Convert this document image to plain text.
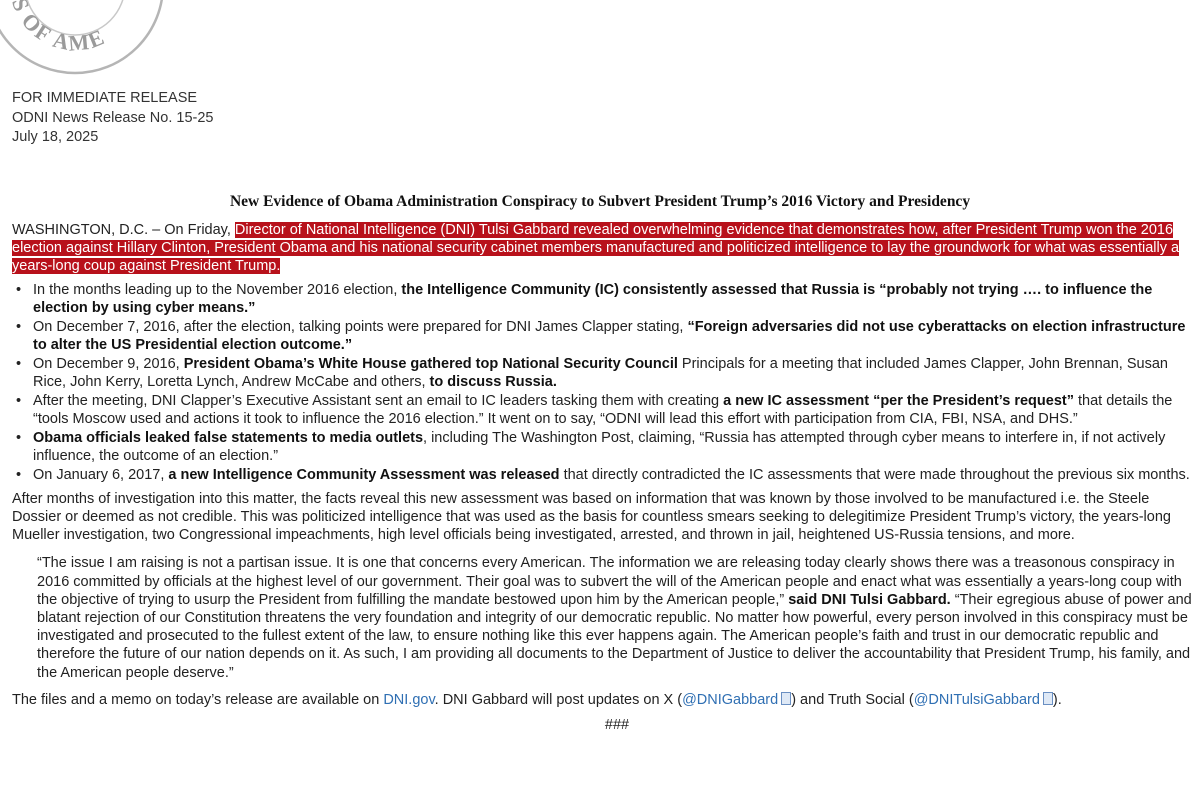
S OF AME
FOR IMMEDIATE RELEASE
ODNI News Release No. 15-25
July 18, 2025
New Evidence of Obama Administration Conspiracy to Subvert President Trump’s 2016 Victory and Presidency
WASHINGTON, D.C. – On Friday, Director of National Intelligence (DNI) Tulsi Gabbard revealed overwhelming evidence that demonstrates how, after President Trump won the 2016 election against Hillary Clinton, President Obama and his national security cabinet members manufactured and politicized intelligence to lay the groundwork for what was essentially a years-long coup against President Trump.
• In the months leading up to the November 2016 election, the Intelligence Community (IC) consistently assessed that Russia is “probably not trying …. to influence the election by using cyber means.”
• On December 7, 2016, after the election, talking points were prepared for DNI James Clapper stating, “Foreign adversaries did not use cyberattacks on election infrastructure to alter the US Presidential election outcome.”
• On December 9, 2016, President Obama’s White House gathered top National Security Council Principals for a meeting that included James Clapper, John Brennan, Susan Rice, John Kerry, Loretta Lynch, Andrew McCabe and others, to discuss Russia.
• After the meeting, DNI Clapper’s Executive Assistant sent an email to IC leaders tasking them with creating a new IC assessment “per the President’s request” that details the “tools Moscow used and actions it took to influence the 2016 election.” It went on to say, “ODNI will lead this effort with participation from CIA, FBI, NSA, and DHS.”
• Obama officials leaked false statements to media outlets, including The Washington Post, claiming, “Russia has attempted through cyber means to interfere in, if not actively influence, the outcome of an election.”
• On January 6, 2017, a new Intelligence Community Assessment was released that directly contradicted the IC assessments that were made throughout the previous six months.
After months of investigation into this matter, the facts reveal this new assessment was based on information that was known by those involved to be manufactured i.e. the Steele Dossier or deemed as not credible. This was politicized intelligence that was used as the basis for countless smears seeking to delegitimize President Trump’s victory, the years-long Mueller investigation, two Congressional impeachments, high level officials being investigated, arrested, and thrown in jail, heightened US-Russia tensions, and more.
“The issue I am raising is not a partisan issue. It is one that concerns every American. The information we are releasing today clearly shows there was a treasonous conspiracy in 2016 committed by officials at the highest level of our government. Their goal was to subvert the will of the American people and enact what was essentially a years-long coup with the objective of trying to usurp the President from fulfilling the mandate bestowed upon him by the American people,” said DNI Tulsi Gabbard. “Their egregious abuse of power and blatant rejection of our Constitution threatens the very foundation and integrity of our democratic republic. No matter how powerful, every person involved in this conspiracy must be investigated and prosecuted to the fullest extent of the law, to ensure nothing like this ever happens again. The American people’s faith and trust in our democratic republic and therefore the future of our nation depends on it. As such, I am providing all documents to the Department of Justice to deliver the accountability that President Trump, his family, and the American people deserve.”
The files and a memo on today’s release are available on DNI.gov. DNI Gabbard will post updates on X (@DNIGabbard ) and Truth Social (@DNITulsiGabbard ).
###
